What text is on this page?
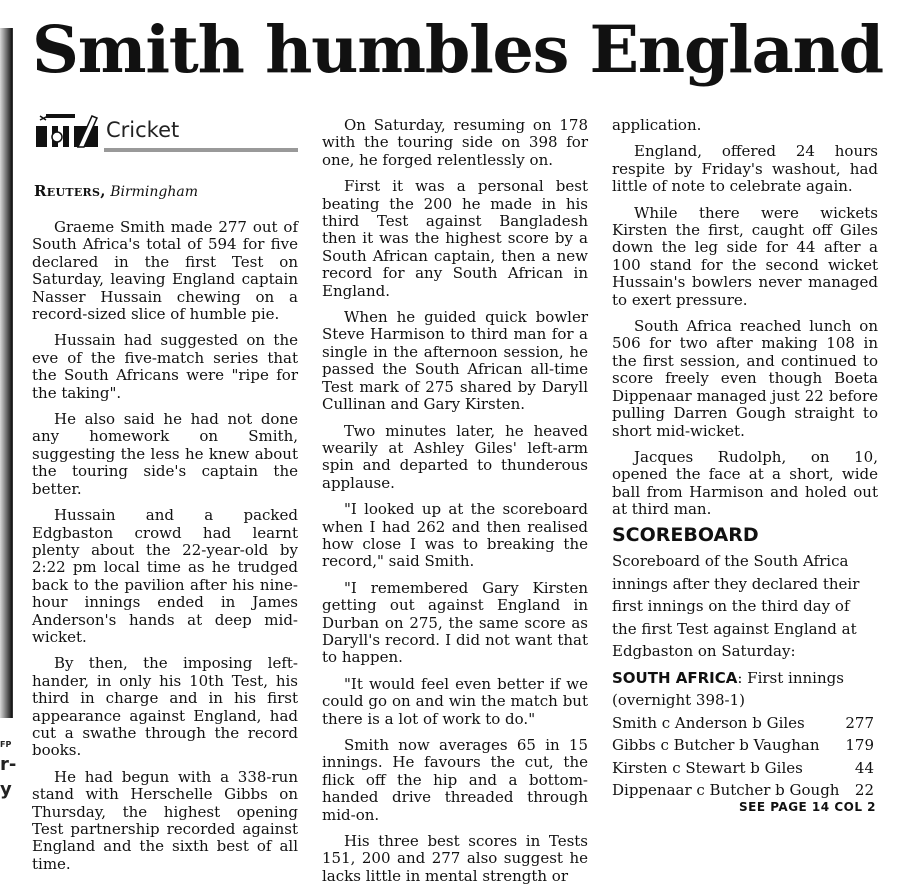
FP
r-
y
Smith humbles England
Cricket
Reuters, Birmingham

Graeme Smith made 277 out of South Africa's total of 594 for five declared in the first Test on Saturday, leaving England captain Nasser Hussain chewing on a record-sized slice of humble pie.

Hussain had suggested on the eve of the five-match series that the South Africans were "ripe for the taking".

He also said he had not done any homework on Smith, suggesting the less he knew about the touring side's captain the better.

Hussain and a packed Edgbaston crowd had learnt plenty about the 22-year-old by 2:22 pm local time as he trudged back to the pavilion after his nine-hour innings ended in James Anderson's hands at deep mid-wicket.

By then, the imposing left-hander, in only his 10th Test, his third in charge and in his first appearance against England, had cut a swathe through the record books.

He had begun with a 338-run stand with Herschelle Gibbs on Thursday, the highest opening Test partnership recorded against England and the sixth best of all time.

On Saturday, resuming on 178 with the touring side on 398 for one, he forged relentlessly on.

First it was a personal best beating the 200 he made in his third Test against Bangladesh then it was the highest score by a South African captain, then a new record for any South African in England.

When he guided quick bowler Steve Harmison to third man for a single in the afternoon session, he passed the South African all-time Test mark of 275 shared by Daryll Cullinan and Gary Kirsten.

Two minutes later, he heaved wearily at Ashley Giles' left-arm spin and departed to thunderous applause.

"I looked up at the scoreboard when I had 262 and then realised how close I was to breaking the record," said Smith.

"I remembered Gary Kirsten getting out against England in Durban on 275, the same score as Daryll's record. I did not want that to happen.

"It would feel even better if we could go on and win the match but there is a lot of work to do."

Smith now averages 65 in 15 innings. He favours the cut, the flick off the hip and a bottom-handed drive threaded through mid-on.

His three best scores in Tests 151, 200 and 277 also suggest he lacks little in mental strength or

application.

England, offered 24 hours respite by Friday's washout, had little of note to celebrate again.

While there were wickets Kirsten the first, caught off Giles down the leg side for 44 after a 100 stand for the second wicket Hussain's bowlers never managed to exert pressure.

South Africa reached lunch on 506 for two after making 108 in the first session, and continued to score freely even though Boeta Dippenaar managed just 22 before pulling Darren Gough straight to short mid-wicket.

Jacques Rudolph, on 10, opened the face at a short, wide ball from Harmison and holed out at third man.

SCOREBOARD
Scoreboard of the South Africa innings after they declared their first innings on the third day of the first Test against England at Edgbaston on Saturday:
SOUTH AFRICA: First innings
(overnight 398-1)
Smith c Anderson b Giles	277
Gibbs c Butcher b Vaughan 179
Kirsten c Stewart b Giles	44
Dippenaar c Butcher b Gough 22
SEE PAGE 14 COL 2
